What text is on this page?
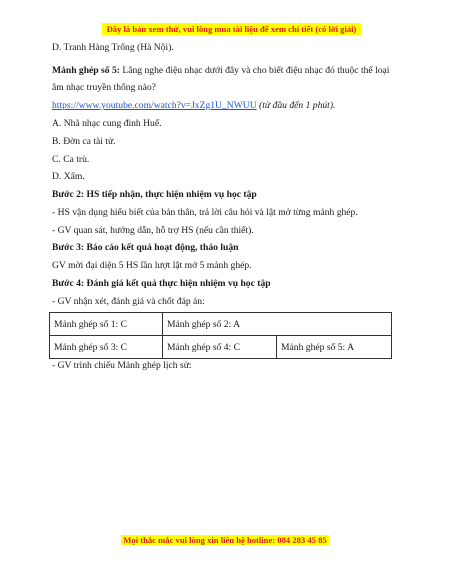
Đây là bản xem thử, vui lòng mua tài liệu để xem chi tiết (có lời giải)
D. Tranh Hàng Trống (Hà Nội).
Mảnh ghép số 5: Lắng nghe điệu nhạc dưới đây và cho biết điệu nhạc đó thuộc thể loại
âm nhạc truyền thống nào?
https://www.youtube.com/watch?v=JxZg1U_NWUU (từ đầu đến 1 phút).
A. Nhã nhạc cung đình Huế.
B. Đờn ca tài tử.
C. Ca trù.
D. Xẩm.
Bước 2: HS tiếp nhận, thực hiện nhiệm vụ học tập
- HS vận dụng hiểu biết của bản thân, trả lời câu hỏi và lật mở từng mảnh ghép.
- GV quan sát, hướng dẫn, hỗ trợ HS (nếu cần thiết).
Bước 3: Báo cáo kết quả hoạt động, thảo luận
GV mời đại diện 5 HS lần lượt lật mở 5 mảnh ghép.
Bước 4: Đánh giá kết quả thực hiện nhiệm vụ học tập
- GV nhận xét, đánh giá và chốt đáp án:
- GV trình chiếu Mảnh ghép lịch sử:
Mảnh ghép số 1: C	Mảnh ghép số 2: A	
Mảnh ghép số 3: C	Mảnh ghép số 4: C	Mảnh ghép số 5: A
Mọi thắc mắc vui lòng xin liên hệ hotline: 084 283 45 85
